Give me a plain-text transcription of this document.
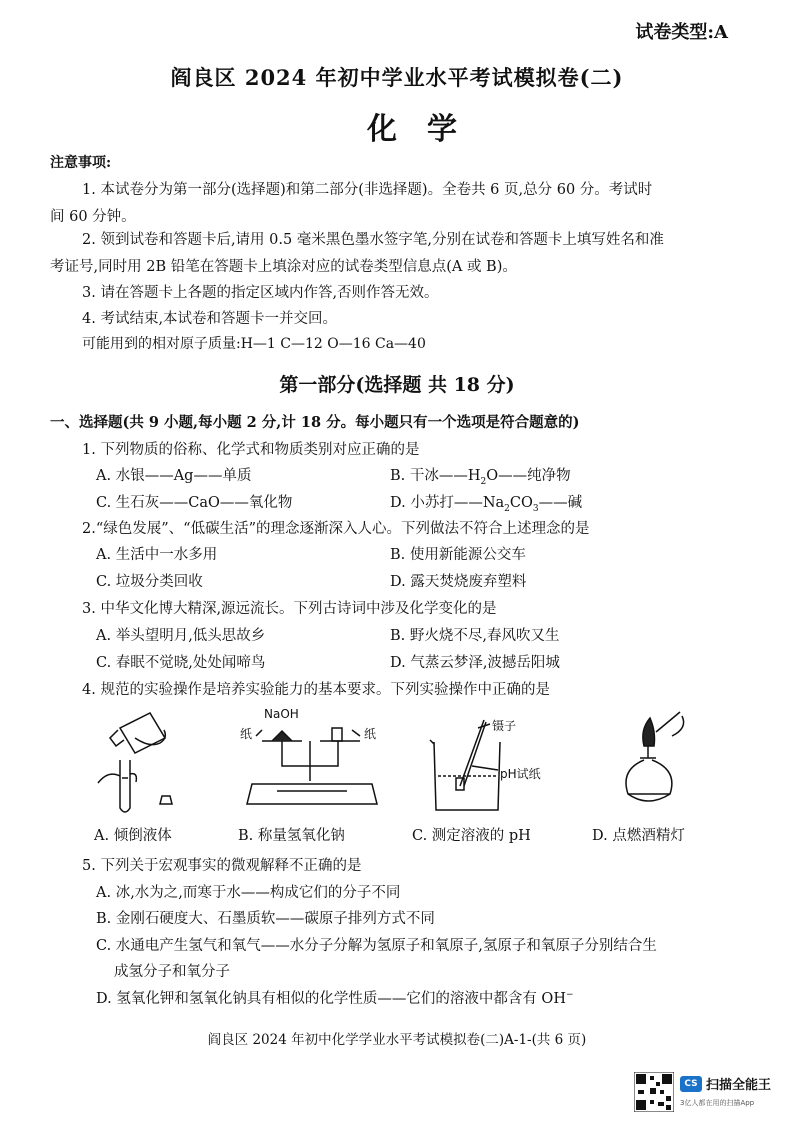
试卷类型:A
阎良区 2024 年初中学业水平考试模拟卷(二)
化学
注意事项:
1. 本试卷分为第一部分(选择题)和第二部分(非选择题)。全卷共 6 页,总分 60 分。考试时
间 60 分钟。
2. 领到试卷和答题卡后,请用 0.5 毫米黑色墨水签字笔,分别在试卷和答题卡上填写姓名和准
考证号,同时用 2B 铅笔在答题卡上填涂对应的试卷类型信息点(A 或 B)。
3. 请在答题卡上各题的指定区域内作答,否则作答无效。
4. 考试结束,本试卷和答题卡一并交回。
可能用到的相对原子质量:H—1 C—12 O—16 Ca—40
第一部分(选择题 共 18 分)
一、选择题(共 9 小题,每小题 2 分,计 18 分。每小题只有一个选项是符合题意的)
1. 下列物质的俗称、化学式和物质类别对应正确的是
A. 水银——Ag——单质	B. 干冰$——H_2O——$纯净物
C. 生石灰——CaO——氧化物	D. 小苏打$——Na_2CO_3——$碱
2.“绿色发展”、“低碳生活”的理念逐渐深入人心。下列做法不符合上述理念的是
A. 生活中一水多用	B. 使用新能源公交车
C. 垃圾分类回收	D. 露天焚烧废弃塑料
3. 中华文化博大精深,源远流长。下列古诗词中涉及化学变化的是
A. 举头望明月,低头思故乡	B. 野火烧不尽,春风吹又生
C. 春眠不觉晓,处处闻啼鸟	D. 气蒸云梦泽,波撼岳阳城
4. 规范的实验操作是培养实验能力的基本要求。下列实验操作中正确的是
NaOH
纸	纸
镊子
pH试纸
A. 倾倒液体	B. 称量氢氧化钠	C. 测定溶液的 pH	D. 点燃酒精灯
5. 下列关于宏观事实的微观解释不正确的是
A. 冰,水为之,而寒于水——构成它们的分子不同
B. 金刚石硬度大、石墨质软——碳原子排列方式不同
C. 水通电产生氢气和氧气——水分子分解为氢原子和氧原子,氢原子和氧原子分别结合生
成氢分子和氧分子
D. 氢氧化钾和氢氧化钠具有相似的化学性质——它们的溶液中都含有 OH−
阎良区 2024 年初中化学学业水平考试模拟卷(二)A-1-(共 6 页)
CS 扫描全能王
3亿人都在用的扫描App
